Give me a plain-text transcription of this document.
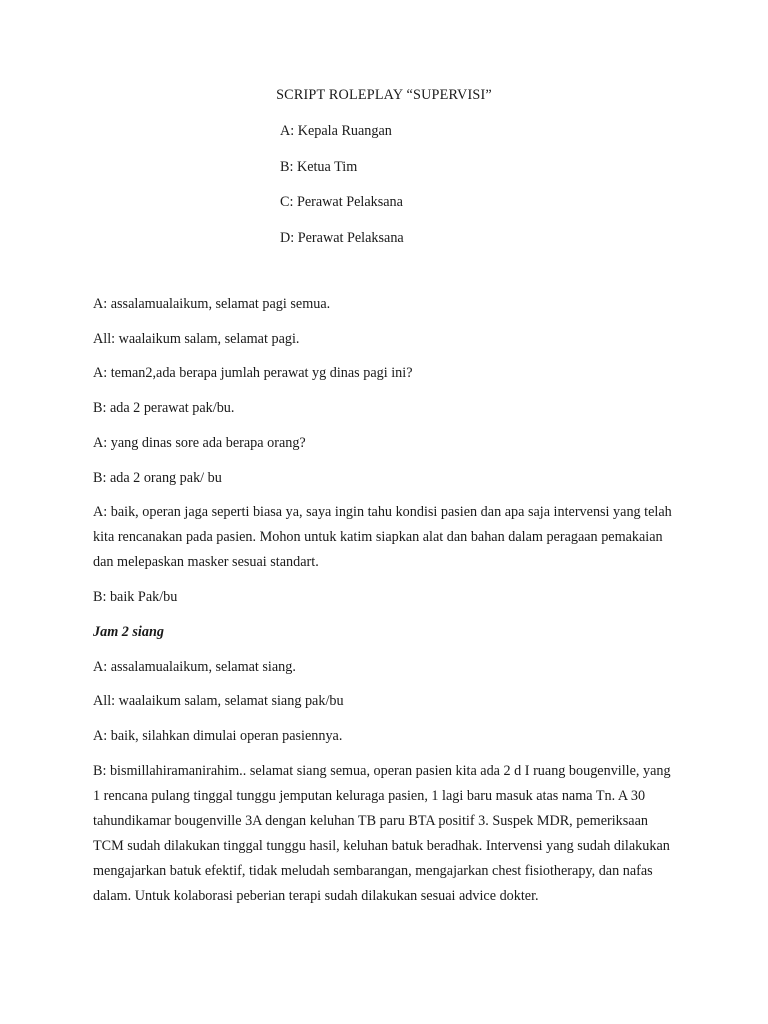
SCRIPT ROLEPLAY “SUPERVISI”
A: Kepala Ruangan
B: Ketua Tim
C: Perawat Pelaksana
D: Perawat Pelaksana

A: assalamualaikum, selamat pagi semua.

All: waalaikum salam, selamat pagi.

A: teman2,ada berapa jumlah perawat yg dinas pagi ini?

B: ada 2 perawat pak/bu.

A: yang dinas sore ada berapa orang?

B: ada 2 orang pak/ bu

A: baik, operan jaga seperti biasa ya, saya ingin tahu kondisi pasien dan apa saja intervensi yang telah kita rencanakan pada pasien. Mohon untuk katim siapkan alat dan bahan dalam peragaan pemakaian dan melepaskan masker sesuai standart.

B: baik Pak/bu

Jam 2 siang

A: assalamualaikum, selamat siang.

All: waalaikum salam, selamat siang pak/bu

A: baik, silahkan dimulai operan pasiennya.

B: bismillahiramanirahim.. selamat siang semua, operan pasien kita ada 2 d I ruang bougenville, yang 1 rencana pulang tinggal tunggu jemputan keluraga pasien, 1 lagi baru masuk atas nama Tn. A 30 tahundikamar bougenville 3A dengan keluhan TB paru BTA positif 3. Suspek MDR, pemeriksaan TCM sudah dilakukan tinggal tunggu hasil, keluhan batuk beradhak. Intervensi yang sudah dilakukan mengajarkan batuk efektif, tidak meludah sembarangan, mengajarkan chest fisiotherapy, dan nafas dalam. Untuk kolaborasi peberian terapi sudah dilakukan sesuai advice dokter.
